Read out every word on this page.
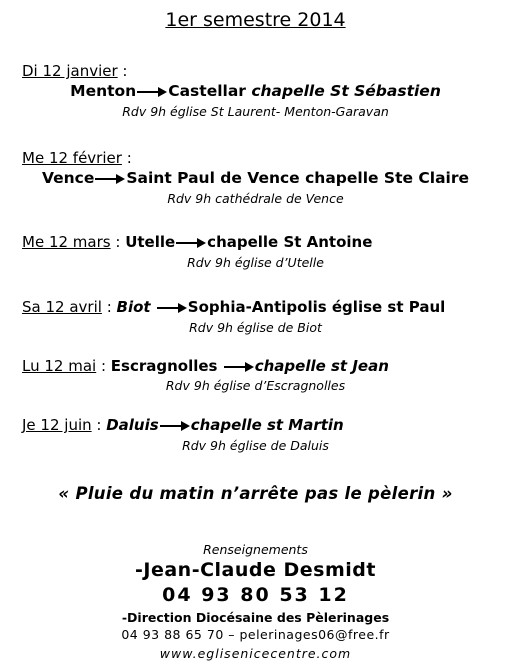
1er semestre 2014
Di 12 janvier :
Menton Castellar chapelle St Sébastien
Rdv 9h église St Laurent- Menton-Garavan
Me 12 février :
Vence Saint Paul de Vence chapelle Ste Claire
Rdv 9h cathédrale de Vence
Me 12 mars : Utelle chapelle St Antoine
Rdv 9h église d’Utelle
Sa 12 avril : Biot Sophia-Antipolis église st Paul
Rdv 9h église de Biot
Lu 12 mai : Escragnolles chapelle st Jean
Rdv 9h église d’Escragnolles
Je 12 juin : Daluis chapelle st Martin
Rdv 9h église de Daluis
« Pluie du matin n’arrête pas le pèlerin »
Renseignements
-Jean-Claude Desmidt
04 93 80 53 12
-Direction Diocésaine des Pèlerinages
04 93 88 65 70 – pelerinages06@free.fr
www.eglisenicecentre.com
